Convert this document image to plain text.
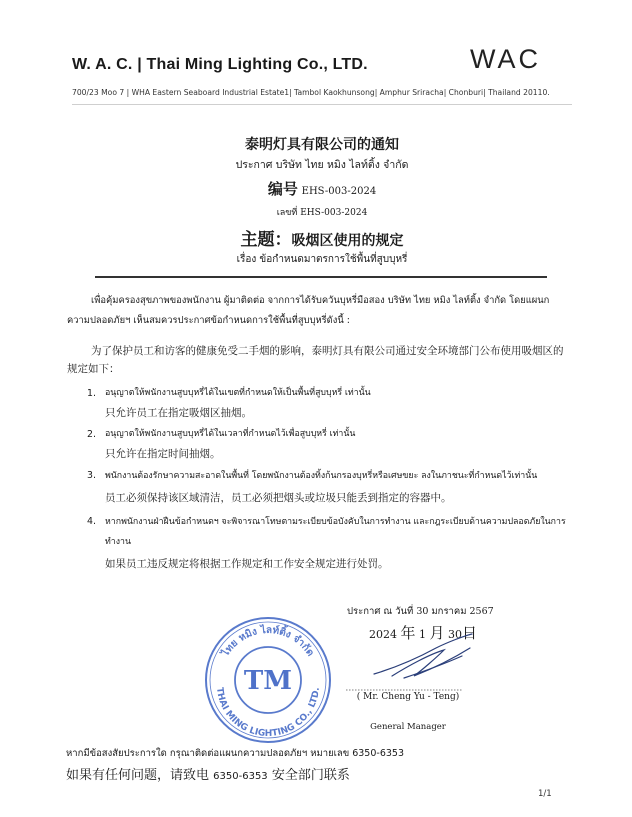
W. A. C. | Thai Ming Lighting Co., LTD.	WAC
700/23 Moo 7 | WHA Eastern Seaboard Industrial Estate1| Tambol Kaokhunsong| Amphur Sriracha| Chonburi| Thailand 20110.
泰明灯具有限公司的通知
ประกาศ บริษัท ไทย หมิง ไลท์ติ้ง จำกัด
编号 EHS-003-2024
เลขที่ EHS-003-2024
主题：吸烟区使用的规定
เรื่อง ข้อกำหนดมาตรการใช้พื้นที่สูบบุหรี่
เพื่อคุ้มครองสุขภาพของพนักงาน ผู้มาติดต่อ จากการได้รับควันบุหรี่มือสอง บริษัท ไทย หมิง ไลท์ติ้ง จำกัด โดยแผนกความปลอดภัยฯ เห็นสมควรประกาศข้อกำหนดการใช้พื้นที่สูบบุหรี่ดังนี้ :
为了保护员工和访客的健康免受二手烟的影响，泰明灯具有限公司通过安全环境部门公布使用吸烟区的规定如下：
1. อนุญาตให้พนักงานสูบบุหรี่ได้ในเขตที่กำหนดให้เป็นพื้นที่สูบบุหรี่ เท่านั้น
只允许员工在指定吸烟区抽烟。
2. อนุญาตให้พนักงานสูบบุหรี่ได้ในเวลาที่กำหนดไว้เพื่อสูบบุหรี่ เท่านั้น
只允许在指定时间抽烟。
3. พนักงานต้องรักษาความสะอาดในพื้นที่ โดยพนักงานต้องทิ้งก้นกรองบุหรี่หรือเศษขยะ ลงในภาชนะที่กำหนดไว้เท่านั้น
员工必须保持该区域清洁，员工必须把烟头或垃圾只能丢到指定的容器中。
4. หากพนักงานฝ่าฝืนข้อกำหนดฯ จะพิจารณาโทษตามระเบียบข้อบังคับในการทำงาน และกฎระเบียบด้านความปลอดภัยในการทำงาน
如果员工违反规定将根据工作规定和工作安全规定进行处罚。
ประกาศ ณ วันที่ 30 มกราคม 2567
2024 年 1 月 30日
ไทย หมิง ไลท์ติ้ง จำกัด
THAI MING LIGHTING CO., LTD.
TM
( Mr. Cheng Yu - Teng)
General Manager
หากมีข้อสงสัยประการใด กรุณาติดต่อแผนกความปลอดภัยฯ หมายเลข 6350-6353
如果有任何问题，请致电 6350-6353 安全部门联系
1/1
